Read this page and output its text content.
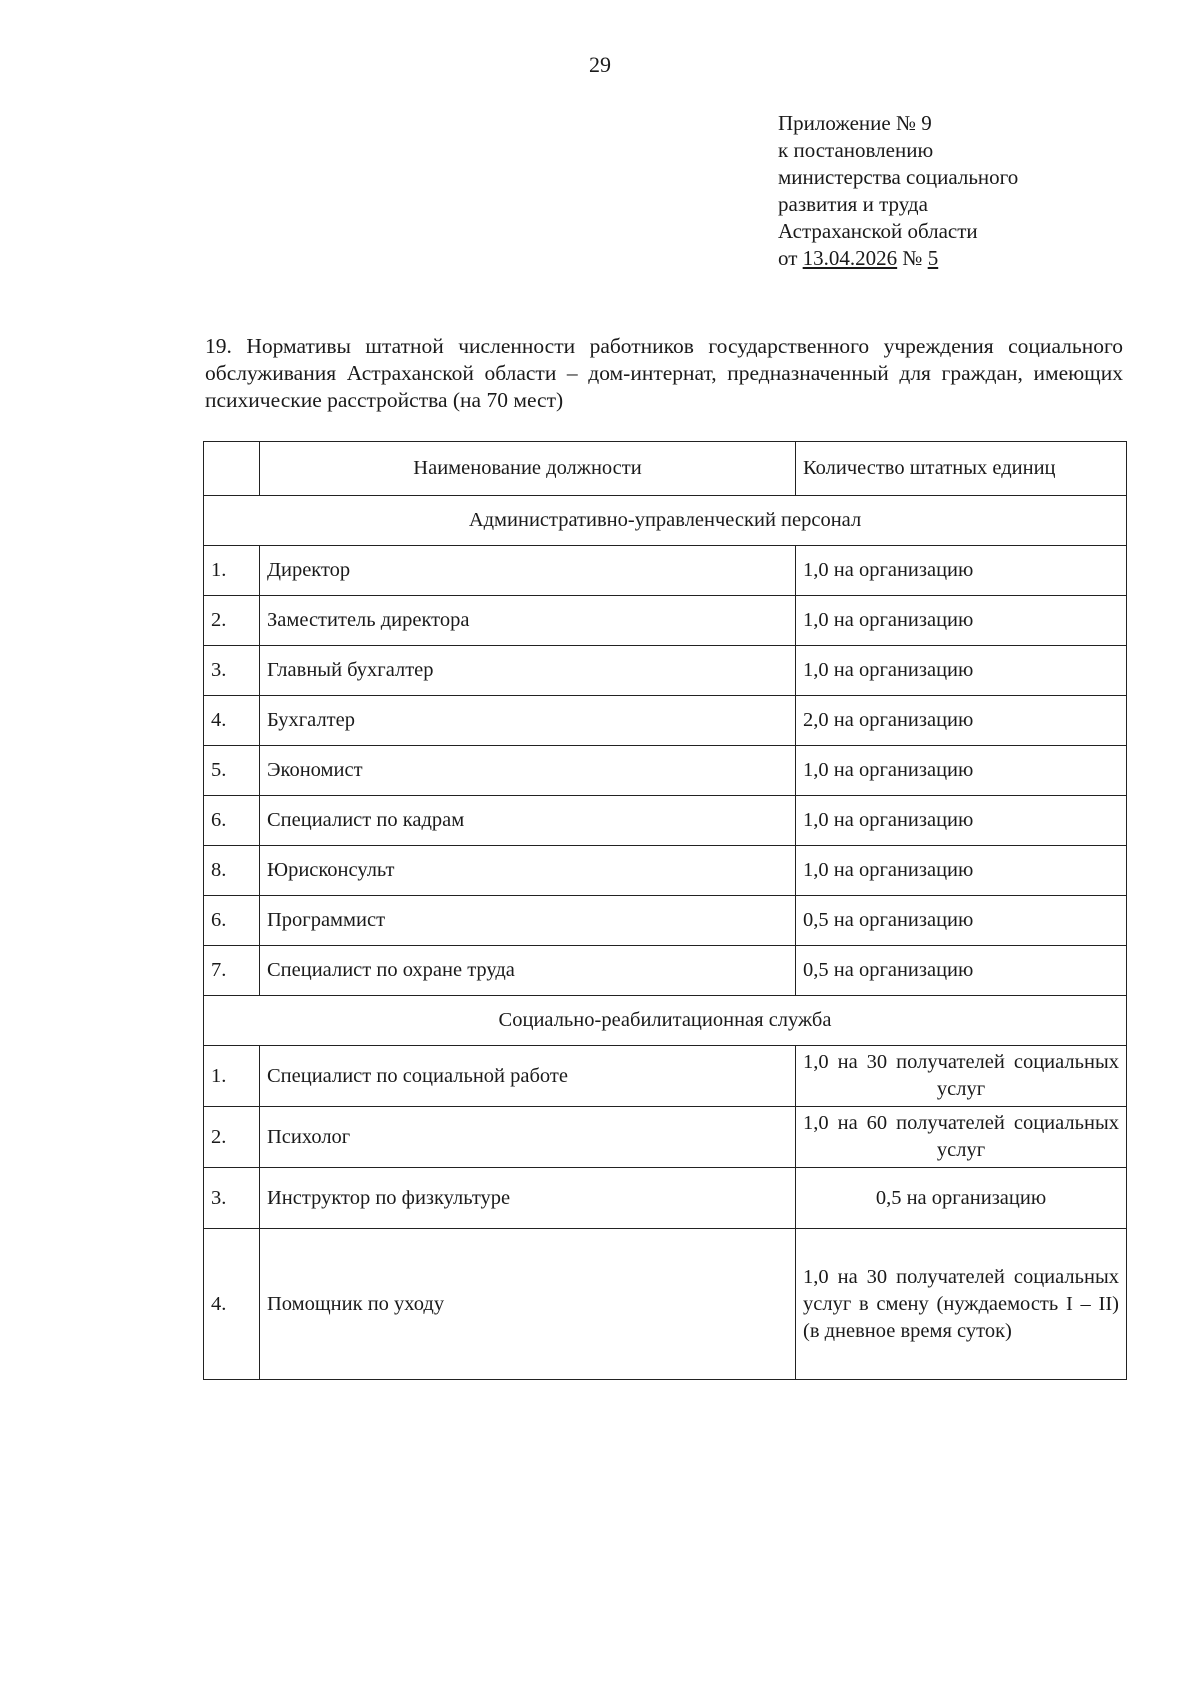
29
Приложение № 9
к постановлению
министерства социального
развития и труда
Астраханской области
от 13.04.2026 № 5
19. Нормативы штатной численности работников государственного учреждения социального обслуживания Астраханской области – дом-интернат, предназначенный для граждан, имеющих психические расстройства (на 70 мест)
	Наименование должности	Количество штатных единиц
Административно-управленческий персонал		
1.	Директор	1,0 на организацию
2.	Заместитель директора	1,0 на организацию
3.	Главный бухгалтер	1,0 на организацию
4.	Бухгалтер	2,0 на организацию
5.	Экономист	1,0 на организацию
6.	Специалист по кадрам	1,0 на организацию
8.	Юрисконсульт	1,0 на организацию
6.	Программист	0,5 на организацию
7.	Специалист по охране труда	0,5 на организацию
Социально-реабилитационная служба		
1.	Специалист по социальной работе	1,0 на 30 получателей социальных услуг
2.	Психолог	1,0 на 60 получателей социальных услуг
3.	Инструктор по физкультуре	0,5 на организацию
4.	Помощник по уходу	1,0 на 30 получателей социальных услуг в смену (нуждаемость I – II) (в дневное время суток)
